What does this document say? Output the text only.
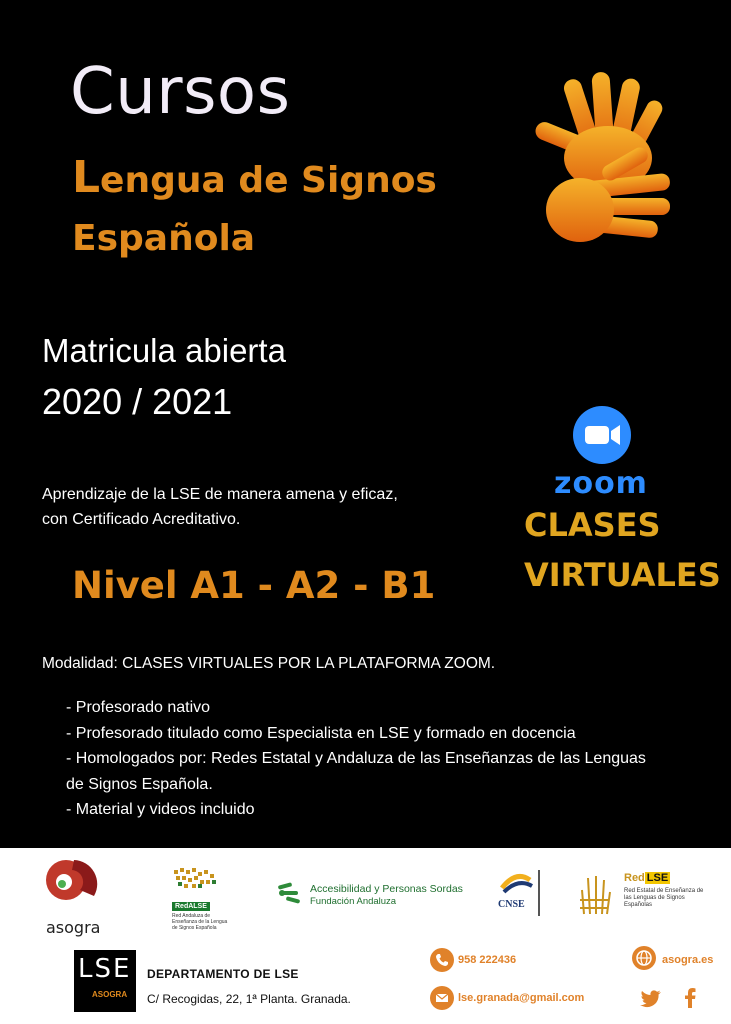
Cursos
Lengua de Signos
Española
Matricula abierta
2020 / 2021
Aprendizaje de la LSE de manera amena y eficaz,
con Certificado Acreditativo.
Nivel A1 - A2 - B1
zoom
CLASES
VIRTUALES
Modalidad: CLASES VIRTUALES POR LA PLATAFORMA ZOOM.
- Profesorado nativo
- Profesorado titulado como Especialista en LSE y formado en docencia
- Homologados por: Redes Estatal y Andaluza de las Enseñanzas de las Lenguas de Signos Española.
- Material y videos incluido
asogra
RedALSE
Red Andaluza de Enseñanza de la Lengua de Signos Española
Accesibilidad y Personas Sordas
Fundación Andaluza	CNSE
Red LSE
Red Estatal de Enseñanza de las Lenguas de Signos Españolas
LSE
ASOGRA
DEPARTAMENTO DE LSE
C/ Recogidas, 22, 1ª Planta. Granada.
958 222436
lse.granada@gmail.com
asogra.es
